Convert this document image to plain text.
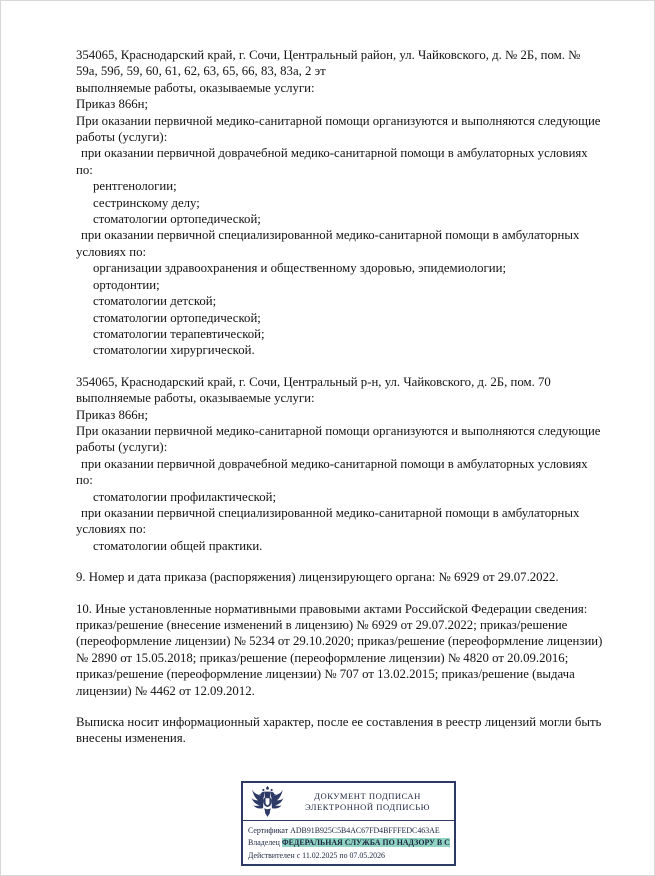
354065, Краснодарский край, г. Сочи, Центральный район, ул. Чайковского, д. № 2Б, пом. №
59а, 59б, 59, 60, 61, 62, 63, 65, 66, 83, 83а, 2 эт
выполняемые работы, оказываемые услуги:
Приказ 866н;
При оказании первичной медико-санитарной помощи организуются и выполняются следующие
работы (услуги):
при оказании первичной доврачебной медико-санитарной помощи в амбулаторных условиях
по:
рентгенологии;
сестринскому делу;
стоматологии ортопедической;
при оказании первичной специализированной медико-санитарной помощи в амбулаторных
условиях по:
организации здравоохранения и общественному здоровью, эпидемиологии;
ортодонтии;
стоматологии детской;
стоматологии ортопедической;
стоматологии терапевтической;
стоматологии хирургической.
354065, Краснодарский край, г. Сочи, Центральный р-н, ул. Чайковского, д. 2Б, пом. 70
выполняемые работы, оказываемые услуги:
Приказ 866н;
При оказании первичной медико-санитарной помощи организуются и выполняются следующие
работы (услуги):
при оказании первичной доврачебной медико-санитарной помощи в амбулаторных условиях
по:
стоматологии профилактической;
при оказании первичной специализированной медико-санитарной помощи в амбулаторных
условиях по:
стоматологии общей практики.
9. Номер и дата приказа (распоряжения) лицензирующего органа: № 6929 от 29.07.2022.
10. Иные установленные нормативными правовыми актами Российской Федерации сведения:
приказ/решение (внесение изменений в лицензию) № 6929 от 29.07.2022; приказ/решение
(переоформление лицензии) № 5234 от 29.10.2020; приказ/решение (переоформление лицензии)
№ 2890 от 15.05.2018; приказ/решение (переоформление лицензии) № 4820 от 20.09.2016;
приказ/решение (переоформление лицензии) № 707 от 13.02.2015; приказ/решение (выдача
лицензии) № 4462 от 12.09.2012.
Выписка носит информационный характер, после ее составления в реестр лицензий могли быть
внесены изменения.
ДОКУМЕНТ ПОДПИСАН
ЭЛЕКТРОННОЙ ПОДПИСЬЮ
Сертификат ADB91B925C5B4AC67FD4BFFFEDC463AE
Владелец ФЕДЕРАЛЬНАЯ СЛУЖБА ПО НАДЗОРУ В С
Действителен с 11.02.2025 по 07.05.2026
